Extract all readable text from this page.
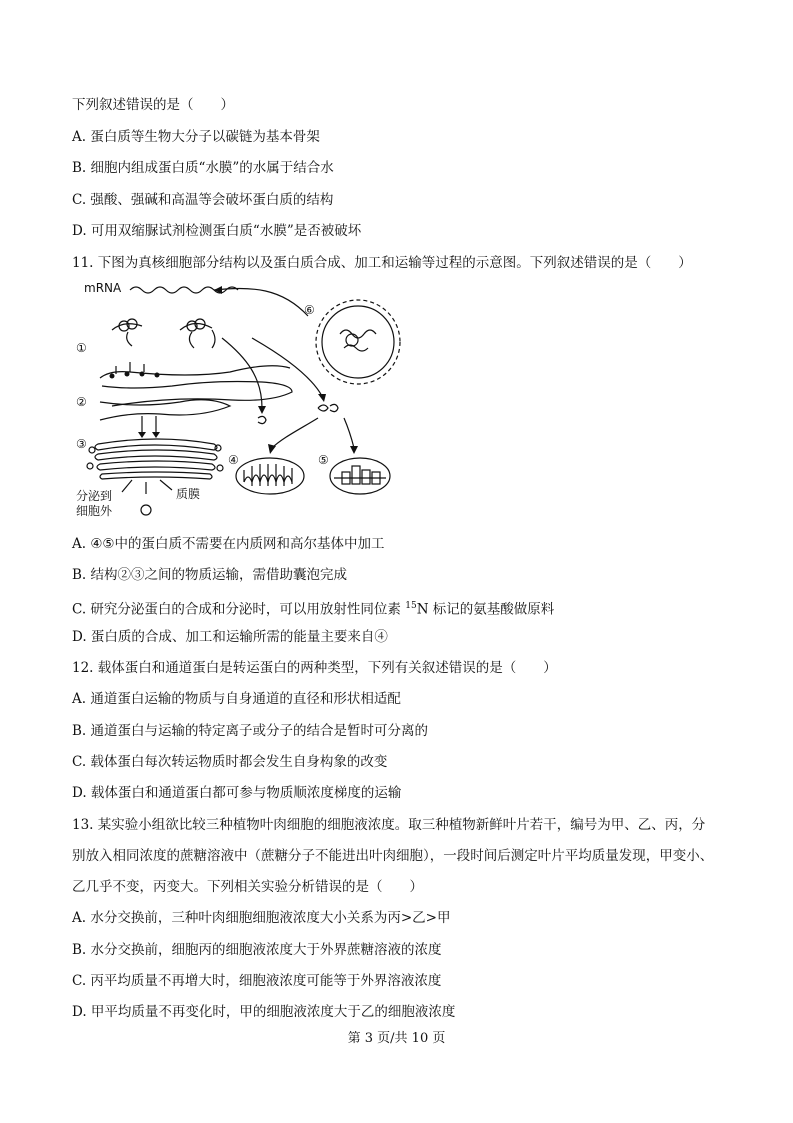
下列叙述错误的是（　　）
A. 蛋白质等生物大分子以碳链为基本骨架
B. 细胞内组成蛋白质“水膜”的水属于结合水
C. 强酸、强碱和高温等会破坏蛋白质的结构
D. 可用双缩脲试剂检测蛋白质“水膜”是否被破坏
11. 下图为真核细胞部分结构以及蛋白质合成、加工和运输等过程的示意图。下列叙述错误的是（　　）
mRNA
①
②
③
分泌到
细胞外
质膜
④	⑤
⑥
A. ④⑤中的蛋白质不需要在内质网和高尔基体中加工
B. 结构②③之间的物质运输，需借助囊泡完成
C. 研究分泌蛋白的合成和分泌时，可以用放射性同位素 $^{15}$N 标记的氨基酸做原料
D. 蛋白质的合成、加工和运输所需的能量主要来自④
12. 载体蛋白和通道蛋白是转运蛋白的两种类型，下列有关叙述错误的是（　　）
A. 通道蛋白运输的物质与自身通道的直径和形状相适配
B. 通道蛋白与运输的特定离子或分子的结合是暂时可分离的
C. 载体蛋白每次转运物质时都会发生自身构象的改变
D. 载体蛋白和通道蛋白都可参与物质顺浓度梯度的运输
13. 某实验小组欲比较三种植物叶肉细胞的细胞液浓度。取三种植物新鲜叶片若干，编号为甲、乙、丙，分
别放入相同浓度的蔗糖溶液中（蔗糖分子不能进出叶肉细胞），一段时间后测定叶片平均质量发现，甲变小、
乙几乎不变，丙变大。下列相关实验分析错误的是（　　）
A. 水分交换前，三种叶肉细胞细胞液浓度大小关系为丙>乙>甲
B. 水分交换前，细胞丙的细胞液浓度大于外界蔗糖溶液的浓度
C. 丙平均质量不再增大时，细胞液浓度可能等于外界溶液浓度
D. 甲平均质量不再变化时，甲的细胞液浓度大于乙的细胞液浓度
第 3 页/共 10 页
